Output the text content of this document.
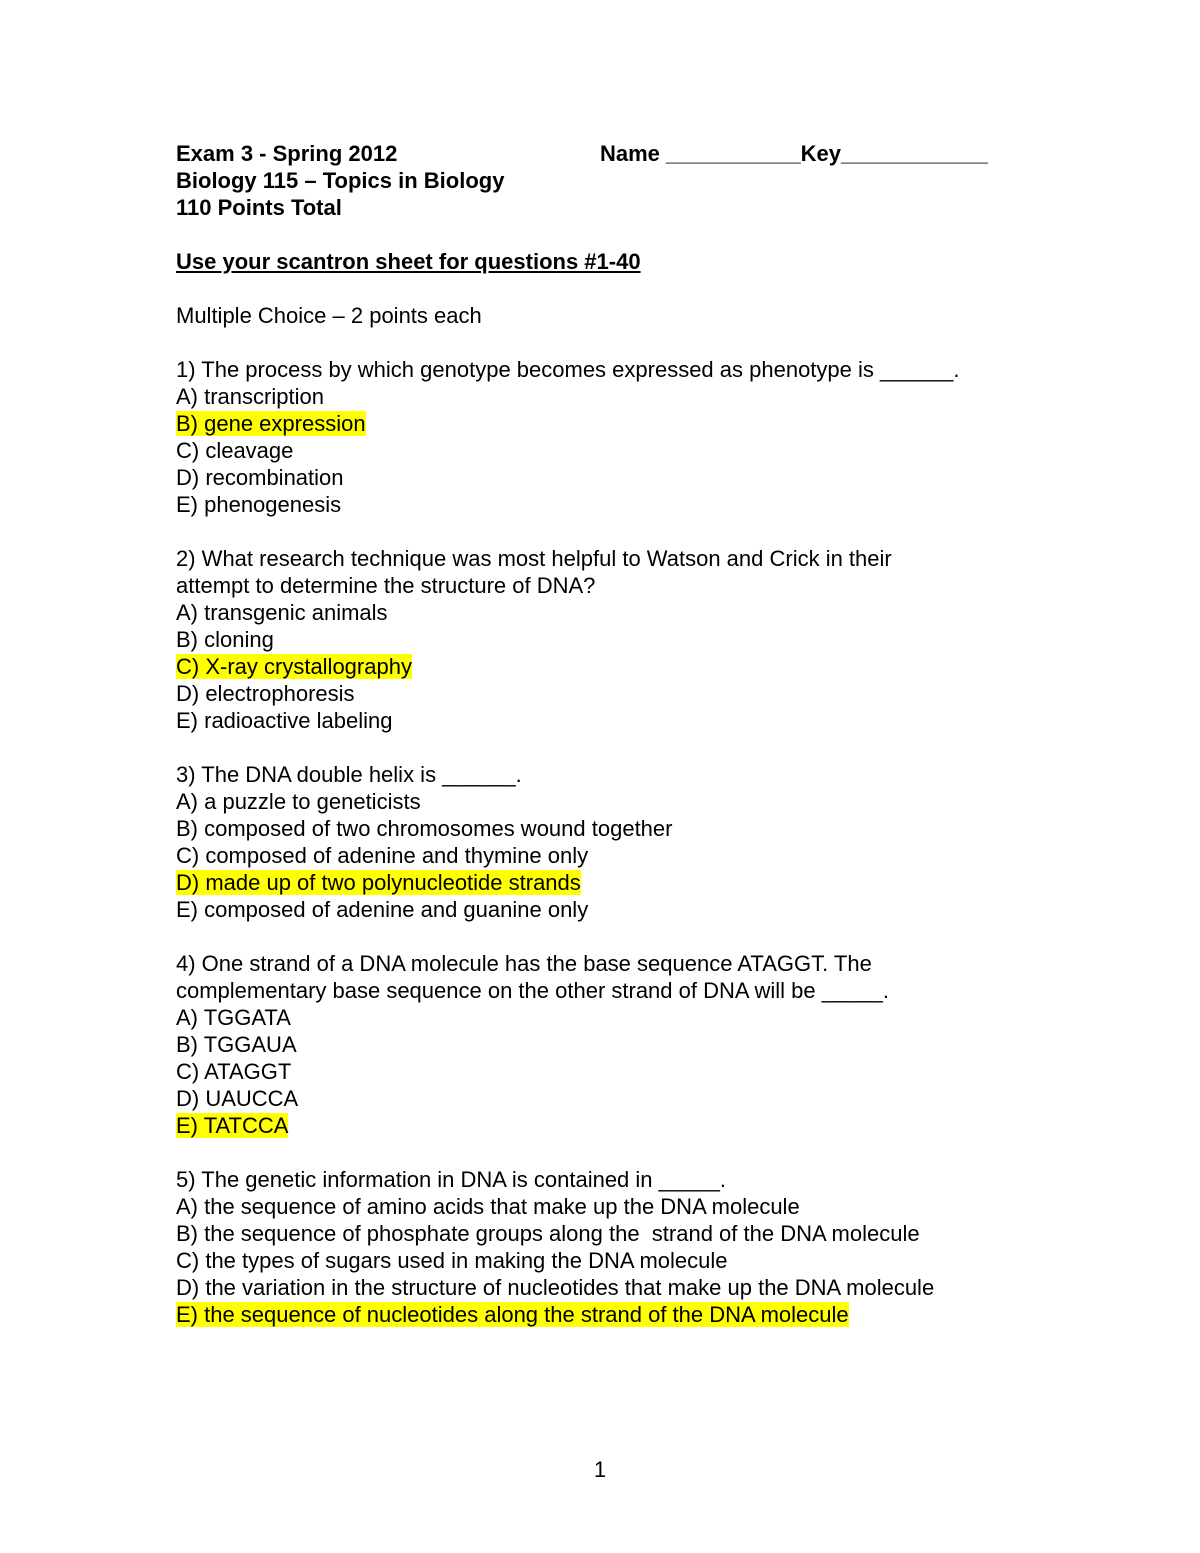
Exam 3 - Spring 2012	Name ___________Key____________
Biology 115 – Topics in Biology
110 Points Total
Use your scantron sheet for questions #1-40
Multiple Choice – 2 points each
1) The process by which genotype becomes expressed as phenotype is ______.
A) transcription
B) gene expression
C) cleavage
D) recombination
E) phenogenesis
2) What research technique was most helpful to Watson and Crick in their
attempt to determine the structure of DNA?
A) transgenic animals
B) cloning
C) X-ray crystallography
D) electrophoresis
E) radioactive labeling
3) The DNA double helix is ______.
A) a puzzle to geneticists
B) composed of two chromosomes wound together
C) composed of adenine and thymine only
D) made up of two polynucleotide strands
E) composed of adenine and guanine only
4) One strand of a DNA molecule has the base sequence ATAGGT. The
complementary base sequence on the other strand of DNA will be _____.
A) TGGATA
B) TGGAUA
C) ATAGGT
D) UAUCCA
E) TATCCA
5) The genetic information in DNA is contained in _____.
A) the sequence of amino acids that make up the DNA molecule
B) the sequence of phosphate groups along the  strand of the DNA molecule
C) the types of sugars used in making the DNA molecule
D) the variation in the structure of nucleotides that make up the DNA molecule
E) the sequence of nucleotides along the strand of the DNA molecule
1
